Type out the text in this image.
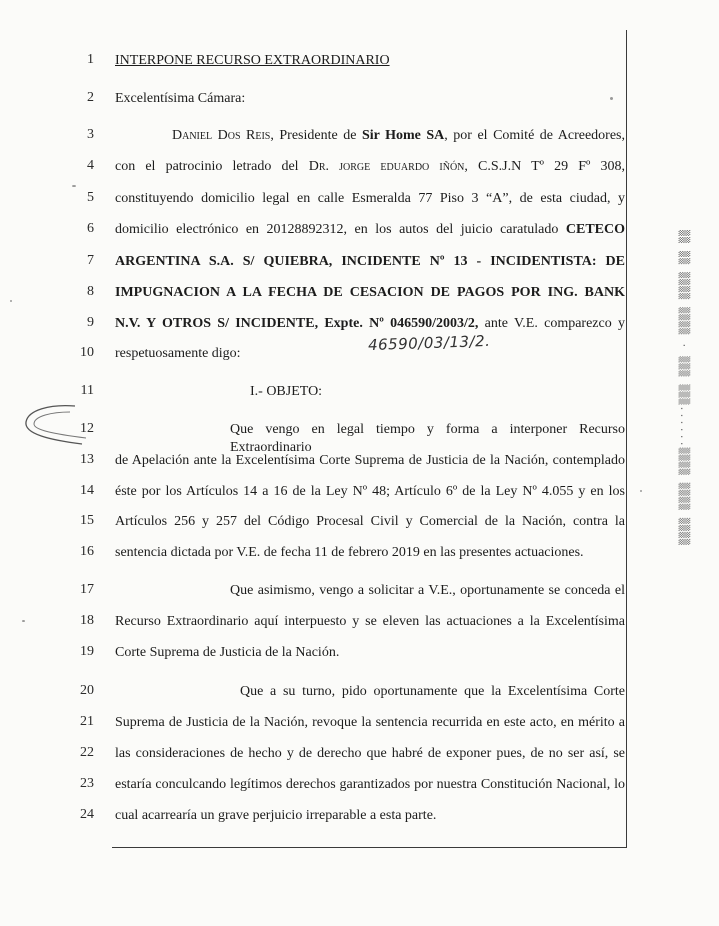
1
2
3
4
5
6
7
8
9
10
11
12
13
14
15
16
17
18
19
20
21
22
23
24
INTERPONE RECURSO EXTRAORDINARIO
Excelentísima Cámara:
Daniel Dos Reis, Presidente de Sir Home SA, por el Comité de Acreedores,
con el patrocinio letrado del Dr. jorge eduardo iñón, C.S.J.N Tº 29 Fº 308,
constituyendo domicilio legal en calle Esmeralda 77 Piso 3 “A”, de esta ciudad, y
domicilio electrónico en 20128892312, en los autos del juicio caratulado CETECO
ARGENTINA S.A. S/ QUIEBRA, INCIDENTE Nº 13 - INCIDENTISTA: DE
IMPUGNACION A LA FECHA DE CESACION DE PAGOS POR ING. BANK
N.V. Y OTROS S/ INCIDENTE, Expte. Nº 046590/2003/2, ante V.E. comparezco y
respetuosamente digo:	46590/03/13/2.
I.- OBJETO:
Que vengo en legal tiempo y forma a interponer Recurso Extraordinario
de Apelación ante la Excelentísima Corte Suprema de Justicia de la Nación, contemplado
éste por los Artículos 14 a 16 de la Ley Nº 48; Artículo 6º de la Ley Nº 4.055 y en los
Artículos 256 y 257 del Código Procesal Civil y Comercial de la Nación, contra la
sentencia dictada por V.E. de fecha 11 de febrero 2019 en las presentes actuaciones.
Que asimismo, vengo a solicitar a V.E., oportunamente se conceda el
Recurso Extraordinario aquí interpuesto y se eleven las actuaciones a la Excelentísima
Corte Suprema de Justicia de la Nación.
Que a su turno, pido oportunamente que la Excelentísima Corte
Suprema de Justicia de la Nación, revoque la sentencia recurrida en este acto, en mérito a
las consideraciones de hecho y de derecho que habré de exponer pues, de no ser así, se
estaría conculcando legítimos derechos garantizados por nuestra Constitución Nacional, lo
cual acarrearía un grave perjuicio irreparable a esta parte.
▒▒ ▒▒ ▒▒▒▒ ▒▒▒▒ · ▒▒▒ ▒▒▒......▒▒▒▒ ▒▒▒▒ ▒▒▒▒
